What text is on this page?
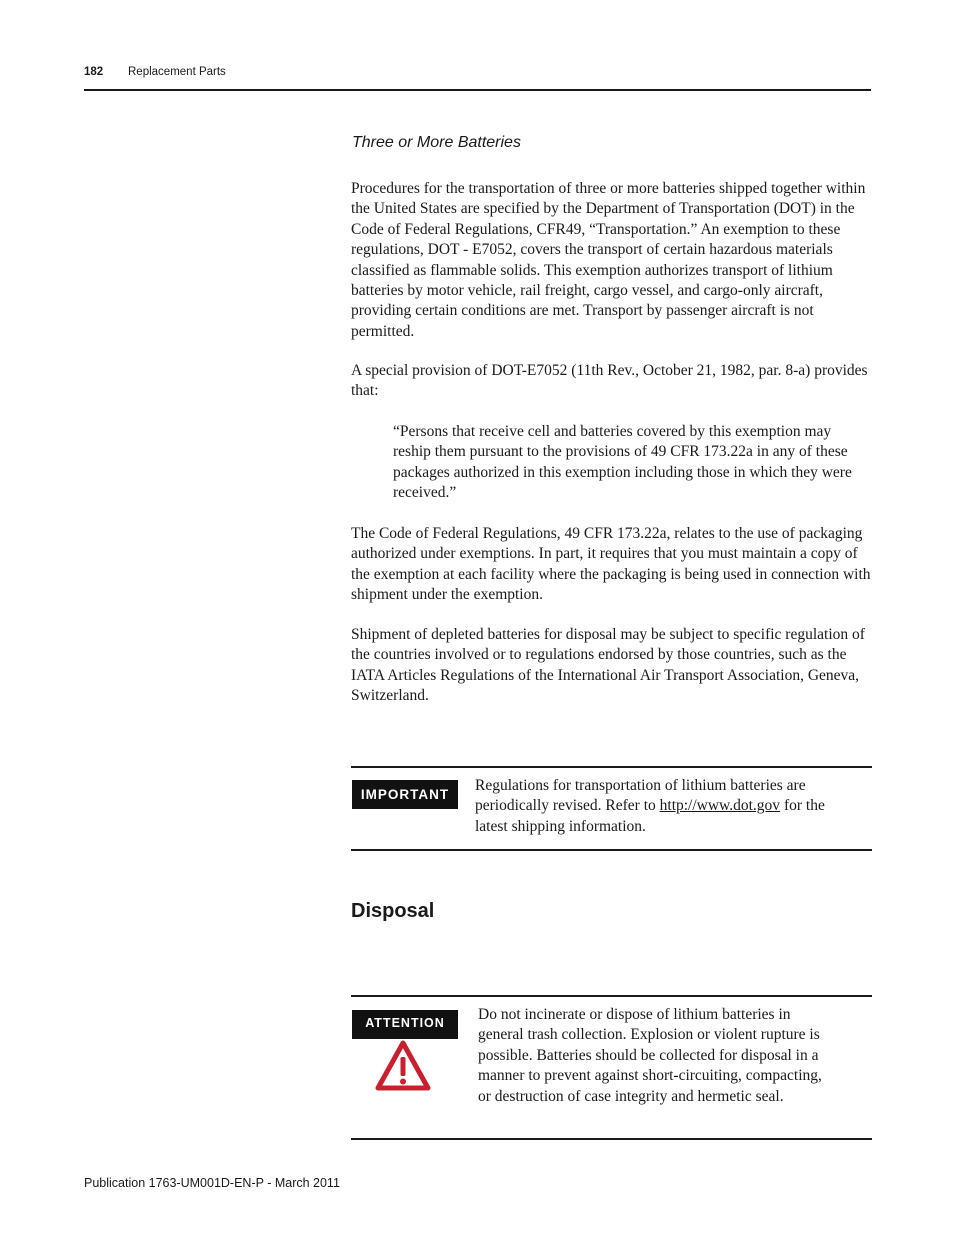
182 Replacement Parts
Three or More Batteries

Procedures for the transportation of three or more batteries shipped together within the United States are specified by the Department of Transportation (DOT) in the Code of Federal Regulations, CFR49, “Transportation.” An exemption to these regulations, DOT - E7052, covers the transport of certain hazardous materials classified as flammable solids. This exemption authorizes transport of lithium batteries by motor vehicle, rail freight, cargo vessel, and cargo-only aircraft, providing certain conditions are met. Transport by passenger aircraft is not permitted.

A special provision of DOT-E7052 (11th Rev., October 21, 1982, par. 8-a) provides that:

“Persons that receive cell and batteries covered by this exemption may reship them pursuant to the provisions of 49 CFR 173.22a in any of these packages authorized in this exemption including those in which they were received.”

The Code of Federal Regulations, 49 CFR 173.22a, relates to the use of packaging authorized under exemptions. In part, it requires that you must maintain a copy of the exemption at each facility where the packaging is being used in connection with shipment under the exemption.

Shipment of depleted batteries for disposal may be subject to specific regulation of the countries involved or to regulations endorsed by those countries, such as the IATA Articles Regulations of the International Air Transport Association, Geneva, Switzerland.

IMPORTANT

Regulations for transportation of lithium batteries are periodically revised. Refer to http://www.dot.gov for the latest shipping information.

Disposal
ATTENTION	Do not incinerate or dispose of lithium batteries in general trash collection. Explosion or violent rupture is possible. Batteries should be collected for disposal in a manner to prevent against short-circuiting, compacting, or destruction of case integrity and hermetic seal.

Publication 1763-UM001D-EN-P - March 2011
